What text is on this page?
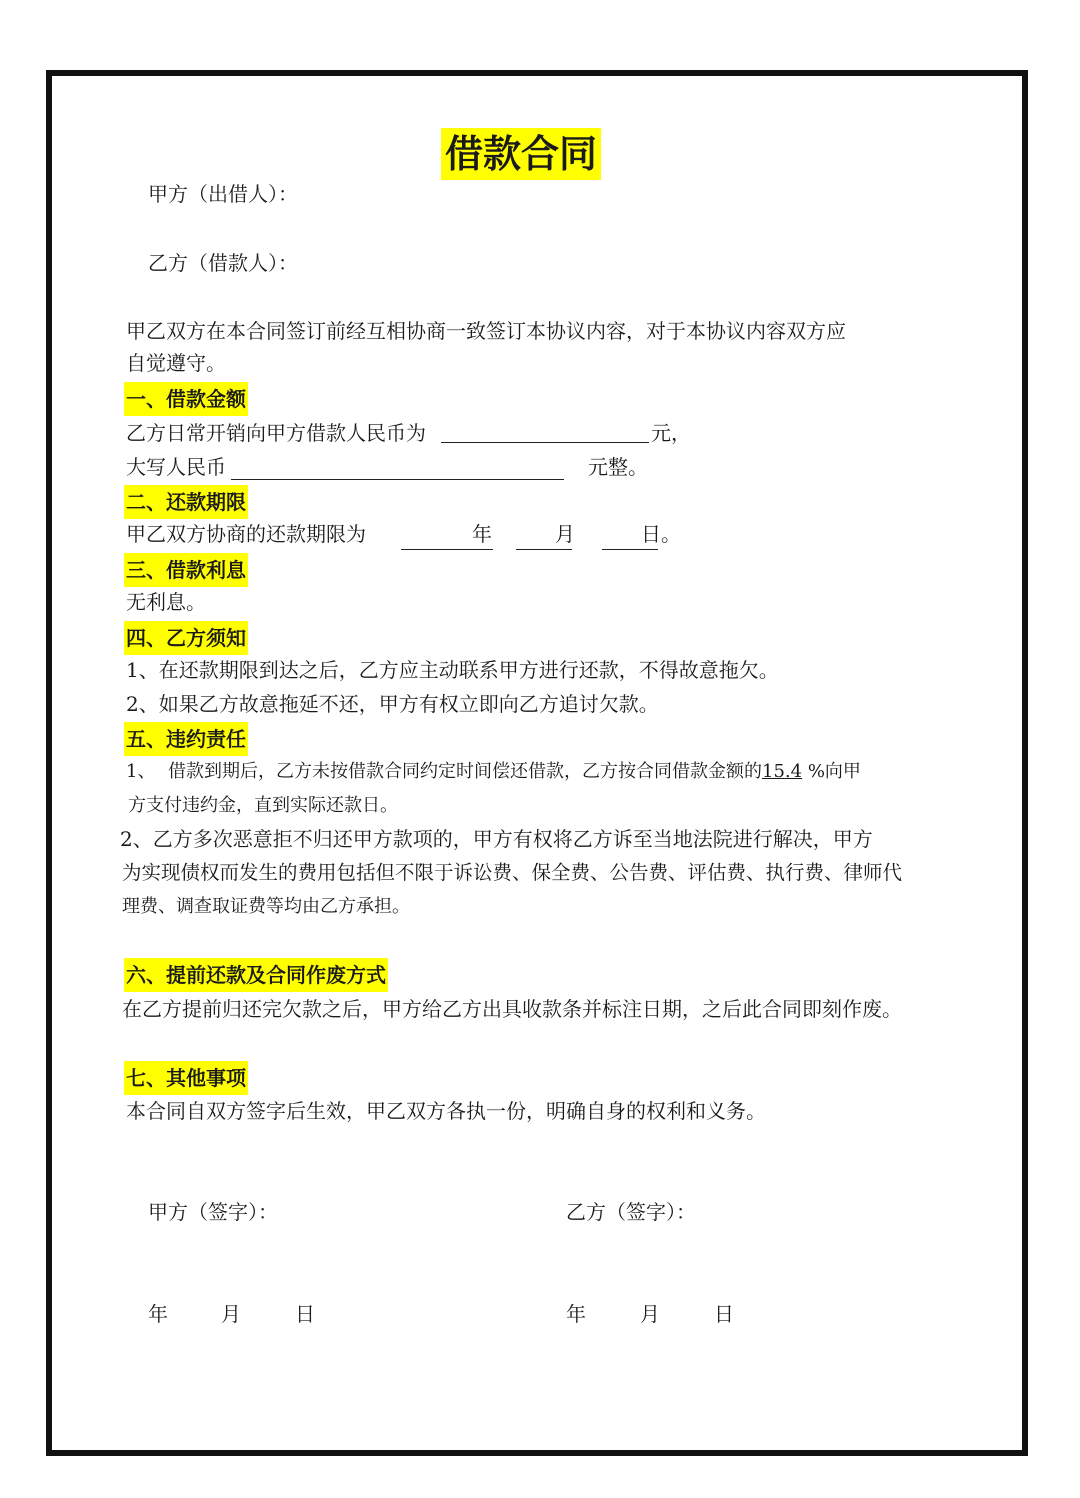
借款合同
甲方（出借人）：
乙方（借款人）：
甲乙双方在本合同签订前经互相协商一致签订本协议内容，对于本协议内容双方应
自觉遵守。
一、借款金额
乙方日常开销向甲方借款人民币为	元，
大写人民币	元整。
二、还款期限
甲乙双方协商的还款期限为	年	月	日。
三、借款利息
无利息。
四、乙方须知
1、在还款期限到达之后，乙方应主动联系甲方进行还款，不得故意拖欠。
2、如果乙方故意拖延不还，甲方有权立即向乙方追讨欠款。
五、违约责任
1、 借款到期后，乙方未按借款合同约定时间偿还借款，乙方按合同借款金额的15.4 %向甲
方支付违约金，直到实际还款日。
2、乙方多次恶意拒不归还甲方款项的，甲方有权将乙方诉至当地法院进行解决，甲方
为实现债权而发生的费用包括但不限于诉讼费、保全费、公告费、评估费、执行费、律师代
理费、调查取证费等均由乙方承担。
六、提前还款及合同作废方式
在乙方提前归还完欠款之后，甲方给乙方出具收款条并标注日期，之后此合同即刻作废。
七、其他事项
本合同自双方签字后生效，甲乙双方各执一份，明确自身的权利和义务。
甲方（签字）：	乙方（签字）：
年	月	日	年	月	日
